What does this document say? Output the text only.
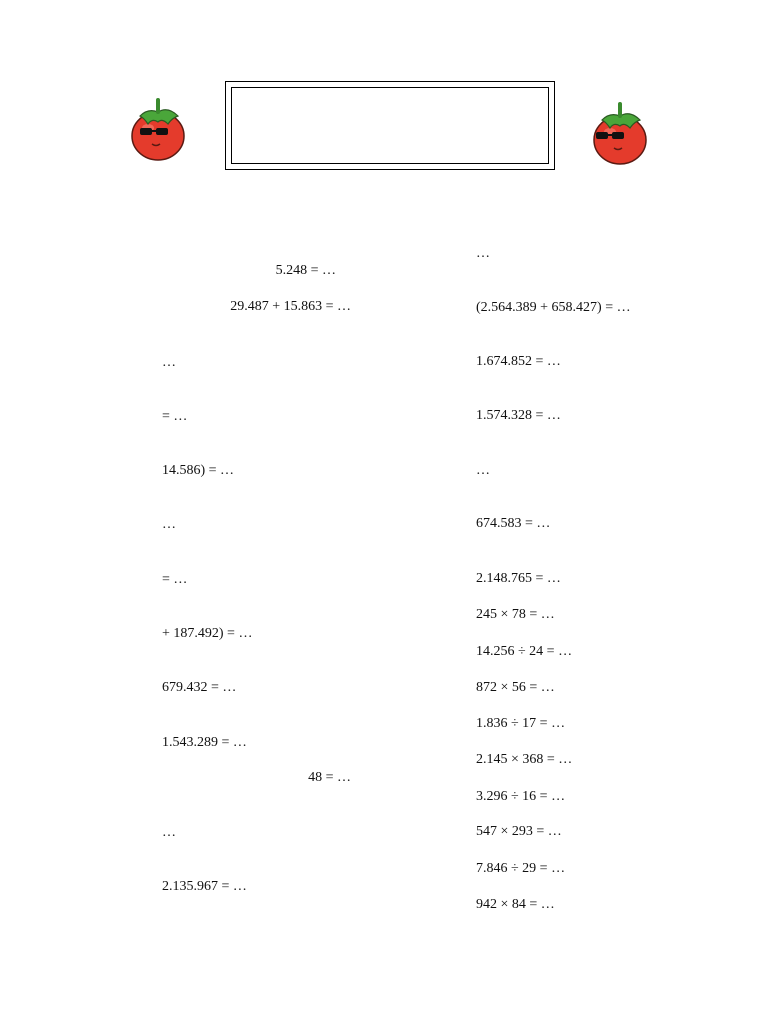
5.248 = …
29.487 + 15.863 = …
…
= …
14.586) = …
…
= …
+ 187.492) = …
679.432 = …
1.543.289 = …
48 = …
…
2.135.967 = …
…
(2.564.389 + 658.427) = …
1.674.852 = …
1.574.328 = …
…
674.583 = …
2.148.765 = …
245 × 78 = …
14.256 ÷ 24 = …
872 × 56 = …
1.836 ÷ 17 = …
2.145 × 368 = …
3.296 ÷ 16 = …
547 × 293 = …
7.846 ÷ 29 = …
942 × 84 = …
